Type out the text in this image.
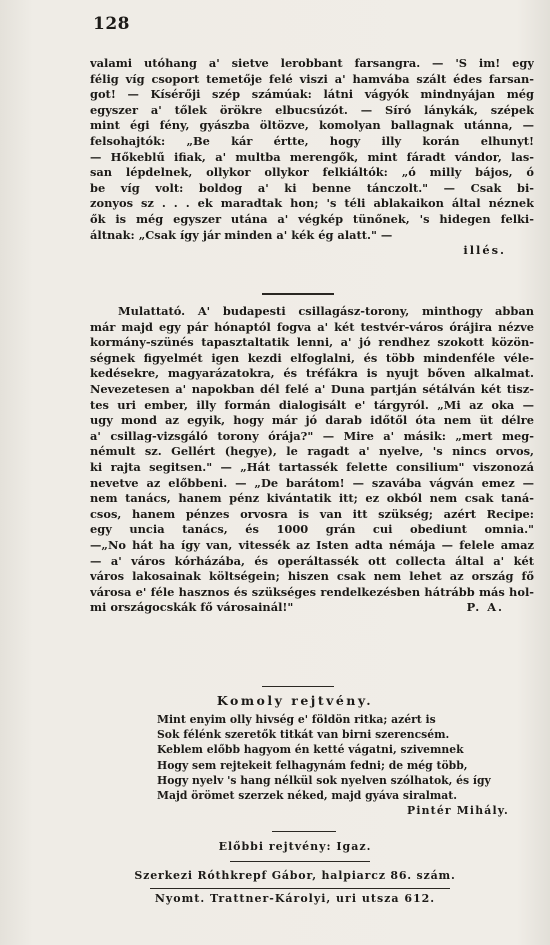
128
valami utóhang a' sietve lerobbant farsangra. — 'S im! egy
félig víg csoport temetője felé viszi a' hamvába szált édes farsan-
got! — Kísérőji szép számúak: látni vágyók mindnyájan még
egyszer a' tőlek örökre elbucsúzót. — Síró lánykák, szépek
mint égi fény, gyászba öltözve, komolyan ballagnak utánna, —
felsohajtók: „Be kár értte, hogy illy korán elhunyt!
— Hőkeblű ifiak, a' multba merengők, mint fáradt vándor, las-
san lépdelnek, ollykor ollykor felkiáltók: „ó milly bájos, ó
be víg volt: boldog a' ki benne tánczolt." — Csak bi-
zonyos sz . . . ek maradtak hon; 's téli ablakaikon által néznek
ők is még egyszer utána a' végkép tünőnek, 's hidegen felki-
áltnak: „Csak így jár minden a' kék ég alatt." —
illés.
Mulattató. A' budapesti csillagász-torony, minthogy abban
már majd egy pár hónaptól fogva a' két testvér-város órájira nézve
kormány-szünés tapasztaltatik lenni, a' jó rendhez szokott közön-
ségnek figyelmét igen kezdi elfoglalni, és több mindenféle véle-
kedésekre, magyarázatokra, és tréfákra is nyujt bőven alkalmat.
Nevezetesen a' napokban dél felé a' Duna partján sétálván két tisz-
tes uri ember, illy formán dialogisált e' tárgyról. „Mi az oka —
ugy mond az egyik, hogy már jó darab időtől óta nem üt délre
a' csillag-vizsgáló torony órája?" — Mire a' másik: „mert meg-
némult sz. Gellért (hegye), le ragadt a' nyelve, 's nincs orvos,
ki rajta segitsen." — „Hát tartassék felette consilium" viszonozá
nevetve az előbbeni. — „De barátom! — szavába vágván emez —
nem tanács, hanem pénz kivántatik itt; ez okból nem csak taná-
csos, hanem pénzes orvosra is van itt szükség; azért Recipe:
egy uncia tanács, és 1000 grán cui obediunt omnia."
—„No hát ha így van, vitessék az Isten adta némája — felele amaz
— a' város kórházába, és operáltassék ott collecta által a' két
város lakosainak költségein; hiszen csak nem lehet az ország fő
városa e' féle hasznos és szükséges rendelkezésben hátrább más hol-
mi országocskák fő városainál!"	P. A.
Komoly rejtvény.
Mint enyim olly hivség e' földön ritka; azért is
Sok félénk szeretők titkát van birni szerencsém.
Keblem előbb hagyom én ketté vágatni, szivemnek
Hogy sem rejtekeit felhagynám fedni; de még több,
Hogy nyelv 's hang nélkül sok nyelven szólhatok, és így
Majd örömet szerzek néked, majd gyáva siralmat.
Pintér Mihály.
Előbbi rejtvény: Igaz.
Szerkezi Róthkrepf Gábor, halpiarcz 86. szám.
Nyomt. Trattner-Károlyi, uri utsza 612.
